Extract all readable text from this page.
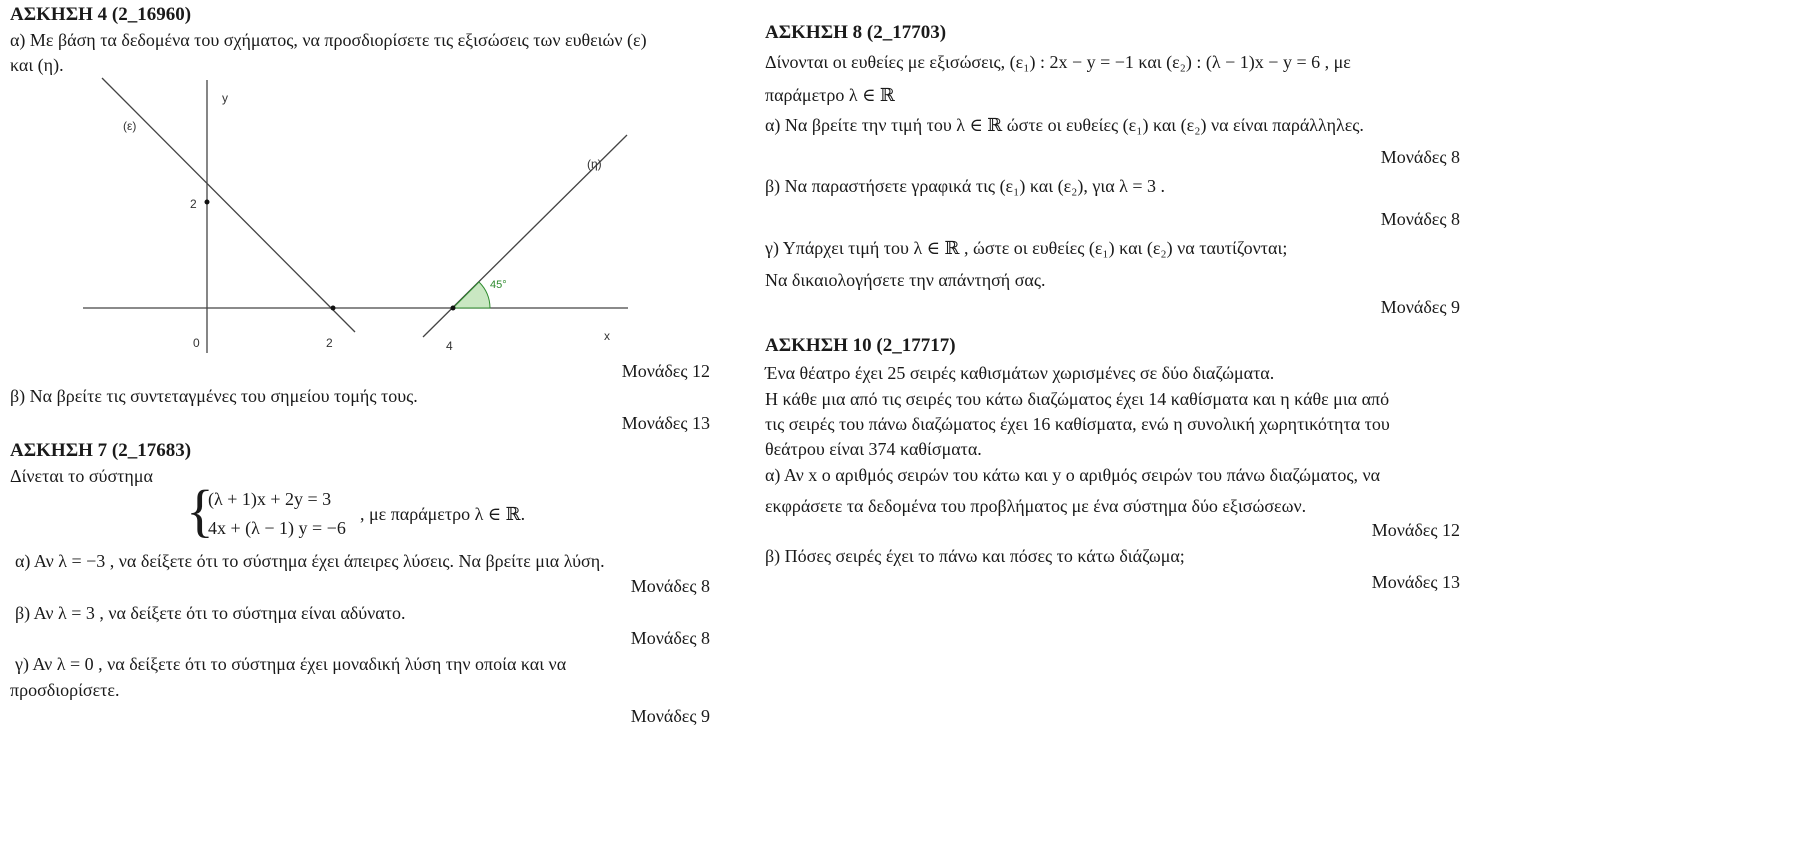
ΑΣΚΗΣΗ 4 (2_16960)
α) Με βάση τα δεδομένα του σχήματος, να προσδιορίσετε τις εξισώσεις των ευθειών (ε)
και (η).
(ε)
(η)
y
x
0
2
2	4
45°
Μονάδες 12
β) Να βρείτε τις συντεταγμένες του σημείου τομής τους.
Μονάδες 13
ΑΣΚΗΣΗ 7 (2_17683)
Δίνεται το σύστημα
{
(λ + 1)x + 2y = 3
4x + (λ − 1) y = −6
, με παράμετρο λ ∈ ℝ.
α) Αν λ = −3 , να δείξετε ότι το σύστημα έχει άπειρες λύσεις. Να βρείτε μια λύση.
Μονάδες 8
β) Αν λ = 3 , να δείξετε ότι το σύστημα είναι αδύνατο.
Μονάδες 8
γ) Αν λ = 0 , να δείξετε ότι το σύστημα έχει μοναδική λύση την οποία και να
προσδιορίσετε.
Μονάδες 9
ΑΣΚΗΣΗ 8 (2_17703)
Δίνονται οι ευθείες με εξισώσεις, (ε₁) : 2x − y = −1 και (ε₂) : (λ − 1)x − y = 6 , με
παράμετρο λ ∈ ℝ
α) Να βρείτε την τιμή του λ ∈ ℝ ώστε οι ευθείες (ε₁) και (ε₂) να είναι παράλληλες.
Μονάδες 8
β) Να παραστήσετε γραφικά τις (ε₁) και (ε₂), για λ = 3 .
Μονάδες 8
γ) Υπάρχει τιμή του λ ∈ ℝ , ώστε οι ευθείες (ε₁) και (ε₂) να ταυτίζονται;
Να δικαιολογήσετε την απάντησή σας.
Μονάδες 9
ΑΣΚΗΣΗ 10 (2_17717)
Ένα θέατρο έχει 25 σειρές καθισμάτων χωρισμένες σε δύο διαζώματα.
Η κάθε μια από τις σειρές του κάτω διαζώματος έχει 14 καθίσματα και η κάθε μια από
τις σειρές του πάνω διαζώματος έχει 16 καθίσματα, ενώ η συνολική χωρητικότητα του
θεάτρου είναι 374 καθίσματα.
α) Αν x ο αριθμός σειρών του κάτω και y ο αριθμός σειρών του πάνω διαζώματος, να
εκφράσετε τα δεδομένα του προβλήματος με ένα σύστημα δύο εξισώσεων.
Μονάδες 12
β) Πόσες σειρές έχει το πάνω και πόσες το κάτω διάζωμα;
Μονάδες 13
